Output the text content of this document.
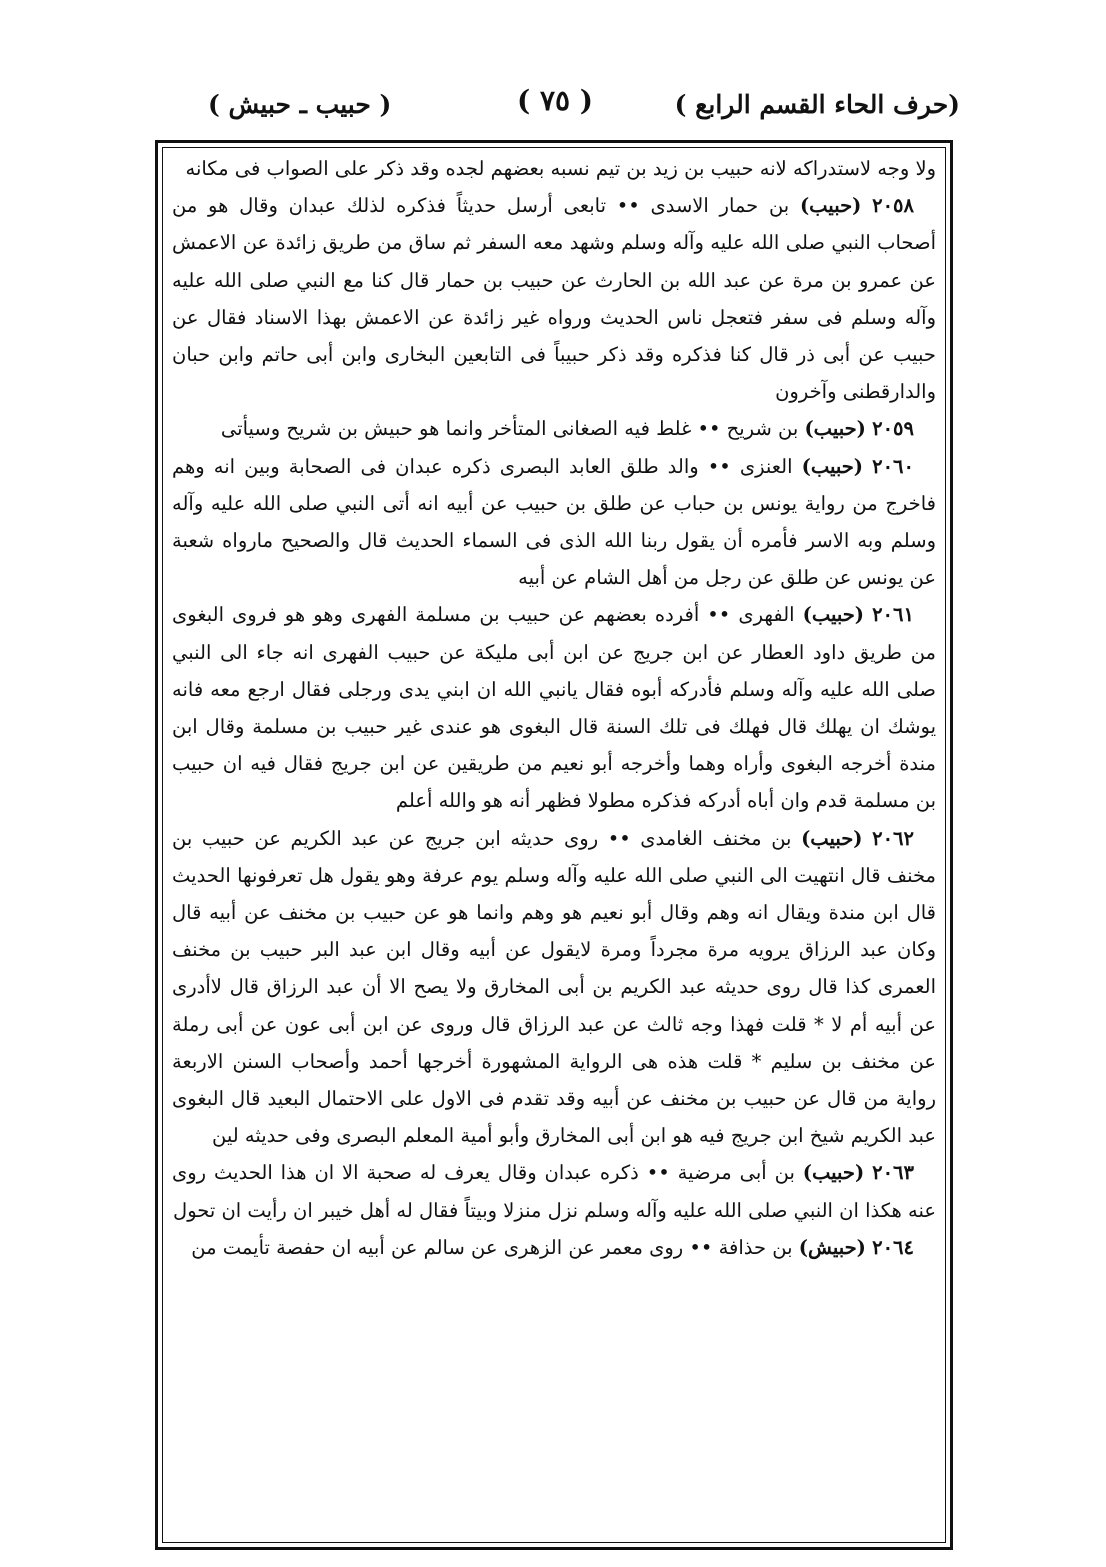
(حرف الحاء القسم الرابع )
( ٧٥ )
( حبيب ـ حبيش )

ولا وجه لاستدراكه لانه حبيب بن زيد بن تيم نسبه بعضهم لجده وقد ذكر على الصواب فى مكانه

٢٠٥٨ (حبيب) بن حمار الاسدى •• تابعى أرسل حديثاً فذكره لذلك عبدان وقال هو من أصحاب النبي صلى الله عليه وآله وسلم وشهد معه السفر ثم ساق من طريق زائدة عن الاعمش عن عمرو بن مرة عن عبد الله بن الحارث عن حبيب بن حمار قال كنا مع النبي صلى الله عليه وآله وسلم فى سفر فتعجل ناس الحديث ورواه غير زائدة عن الاعمش بهذا الاسناد فقال عن حبيب عن أبى ذر قال كنا فذكره وقد ذكر حبيباً فى التابعين البخارى وابن أبى حاتم وابن حبان والدارقطنى وآخرون

٢٠٥٩ (حبيب) بن شريح •• غلط فيه الصغانى المتأخر وانما هو حبيش بن شريح وسيأتى

٢٠٦٠ (حبيب) العنزى •• والد طلق العابد البصرى ذكره عبدان فى الصحابة وبين انه وهم فاخرج من رواية يونس بن حباب عن طلق بن حبيب عن أبيه انه أتى النبي صلى الله عليه وآله وسلم وبه الاسر فأمره أن يقول ربنا الله الذى فى السماء الحديث قال والصحيح مارواه شعبة عن يونس عن طلق عن رجل من أهل الشام عن أبيه

٢٠٦١ (حبيب) الفهرى •• أفرده بعضهم عن حبيب بن مسلمة الفهرى وهو هو فروى البغوى من طريق داود العطار عن ابن جريج عن ابن أبى مليكة عن حبيب الفهرى انه جاء الى النبي صلى الله عليه وآله وسلم فأدركه أبوه فقال يانبي الله ان ابني يدى ورجلى فقال ارجع معه فانه يوشك ان يهلك قال فهلك فى تلك السنة قال البغوى هو عندى غير حبيب بن مسلمة وقال ابن مندة أخرجه البغوى وأراه وهما وأخرجه أبو نعيم من طريقين عن ابن جريج فقال فيه ان حبيب بن مسلمة قدم وان أباه أدركه فذكره مطولا فظهر أنه هو والله أعلم

٢٠٦٢ (حبيب) بن مخنف الغامدى •• روى حديثه ابن جريج عن عبد الكريم عن حبيب بن مخنف قال انتهيت الى النبي صلى الله عليه وآله وسلم يوم عرفة وهو يقول هل تعرفونها الحديث قال ابن مندة ويقال انه وهم وقال أبو نعيم هو وهم وانما هو عن حبيب بن مخنف عن أبيه قال وكان عبد الرزاق يرويه مرة مجرداً ومرة لايقول عن أبيه وقال ابن عبد البر حبيب بن مخنف العمرى كذا قال روى حديثه عبد الكريم بن أبى المخارق ولا يصح الا أن عبد الرزاق قال لاأدرى عن أبيه أم لا * قلت فهذا وجه ثالث عن عبد الرزاق قال وروى عن ابن أبى عون عن أبى رملة عن مخنف بن سليم * قلت هذه هى الرواية المشهورة أخرجها أحمد وأصحاب السنن الاربعة رواية من قال عن حبيب بن مخنف عن أبيه وقد تقدم فى الاول على الاحتمال البعيد قال البغوى عبد الكريم شيخ ابن جريج فيه هو ابن أبى المخارق وأبو أمية المعلم البصرى وفى حديثه لين

٢٠٦٣ (حبيب) بن أبى مرضية •• ذكره عبدان وقال يعرف له صحبة الا ان هذا الحديث روى عنه هكذا ان النبي صلى الله عليه وآله وسلم نزل منزلا وبيتاً فقال له أهل خيبر ان رأيت ان تحول

٢٠٦٤ (حبيش) بن حذافة •• روى معمر عن الزهرى عن سالم عن أبيه ان حفصة تأيمت من
